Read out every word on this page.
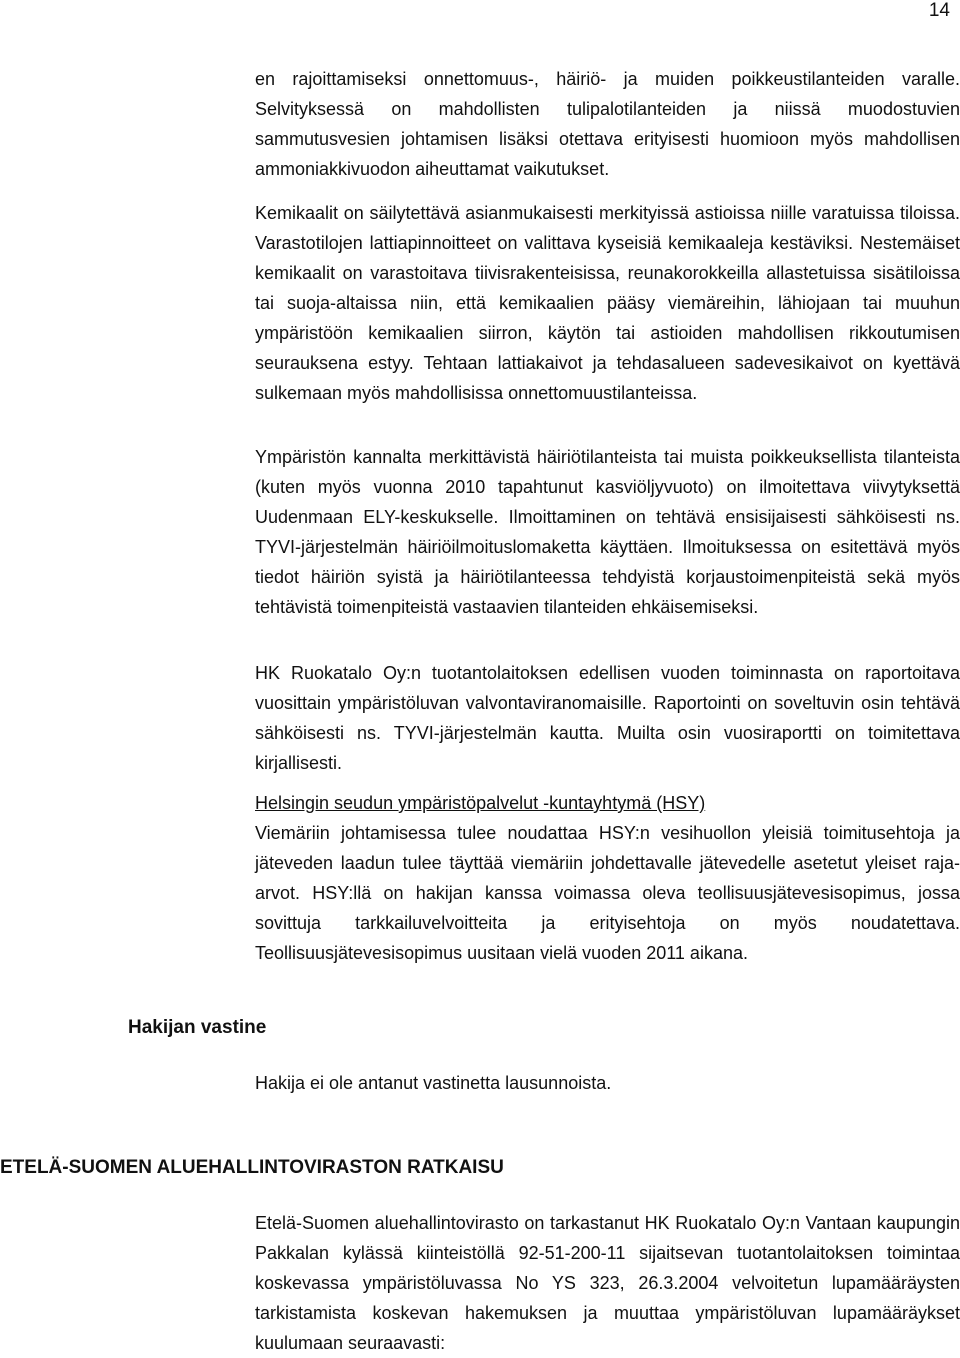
14

en rajoittamiseksi onnettomuus-, häiriö- ja muiden poikkeustilanteiden varalle. Selvityksessä on mahdollisten tulipalotilanteiden ja niissä muodostuvien sammutusvesien johtamisen lisäksi otettava erityisesti huomioon myös mahdollisen ammoniakkivuodon aiheuttamat vaikutukset.

Kemikaalit on säilytettävä asianmukaisesti merkityissä astioissa niille varatuissa tiloissa. Varastotilojen lattiapinnoitteet on valittava kyseisiä kemikaaleja kestäviksi. Nestemäiset kemikaalit on varastoitava tiivisrakenteisissa, reunakorokkeilla allastetuissa sisätiloissa tai suoja-altaissa niin, että kemikaalien pääsy viemäreihin, lähiojaan tai muuhun ympäristöön kemikaalien siirron, käytön tai astioiden mahdollisen rikkoutumisen seurauksena estyy. Tehtaan lattiakaivot ja tehdasalueen sadevesikaivot on kyettävä sulkemaan myös mahdollisissa onnettomuustilanteissa.

Ympäristön kannalta merkittävistä häiriötilanteista tai muista poikkeuksellista tilanteista (kuten myös vuonna 2010 tapahtunut kasviöljyvuoto) on ilmoitettava viivytyksettä Uudenmaan ELY-keskukselle. Ilmoittaminen on tehtävä ensisijaisesti sähköisesti ns. TYVI-järjestelmän häiriöilmoituslomaketta käyttäen. Ilmoituksessa on esitettävä myös tiedot häiriön syistä ja häiriötilanteessa tehdyistä korjaustoimenpiteistä sekä myös tehtävistä toimenpiteistä vastaavien tilanteiden ehkäisemiseksi.

HK Ruokatalo Oy:n tuotantolaitoksen edellisen vuoden toiminnasta on raportoitava vuosittain ympäristöluvan valvontaviranomaisille. Raportointi on soveltuvin osin tehtävä sähköisesti ns. TYVI-järjestelmän kautta. Muilta osin vuosiraportti on toimitettava kirjallisesti.

Helsingin seudun ympäristöpalvelut -kuntayhtymä (HSY)
Viemäriin johtamisessa tulee noudattaa HSY:n vesihuollon yleisiä toimitusehtoja ja jäteveden laadun tulee täyttää viemäriin johdettavalle jätevedelle asetetut yleiset raja-arvot. HSY:llä on hakijan kanssa voimassa oleva teollisuusjätevesisopimus, jossa sovittuja tarkkailuvelvoitteita ja erityisehtoja on myös noudatettava. Teollisuusjätevesisopimus uusitaan vielä vuoden 2011 aikana.
Hakijan vastine

Hakija ei ole antanut vastinetta lausunnoista.

ETELÄ-SUOMEN ALUEHALLINTOVIRASTON RATKAISU

Etelä-Suomen aluehallintovirasto on tarkastanut HK Ruokatalo Oy:n Vantaan kaupungin Pakkalan kylässä kiinteistöllä 92-51-200-11 sijaitsevan tuotantolaitoksen toimintaa koskevassa ympäristöluvassa No YS 323, 26.3.2004 velvoitetun lupamääräysten tarkistamista koskevan hakemuksen ja muuttaa ympäristöluvan lupamääräykset kuulumaan seuraavasti:
